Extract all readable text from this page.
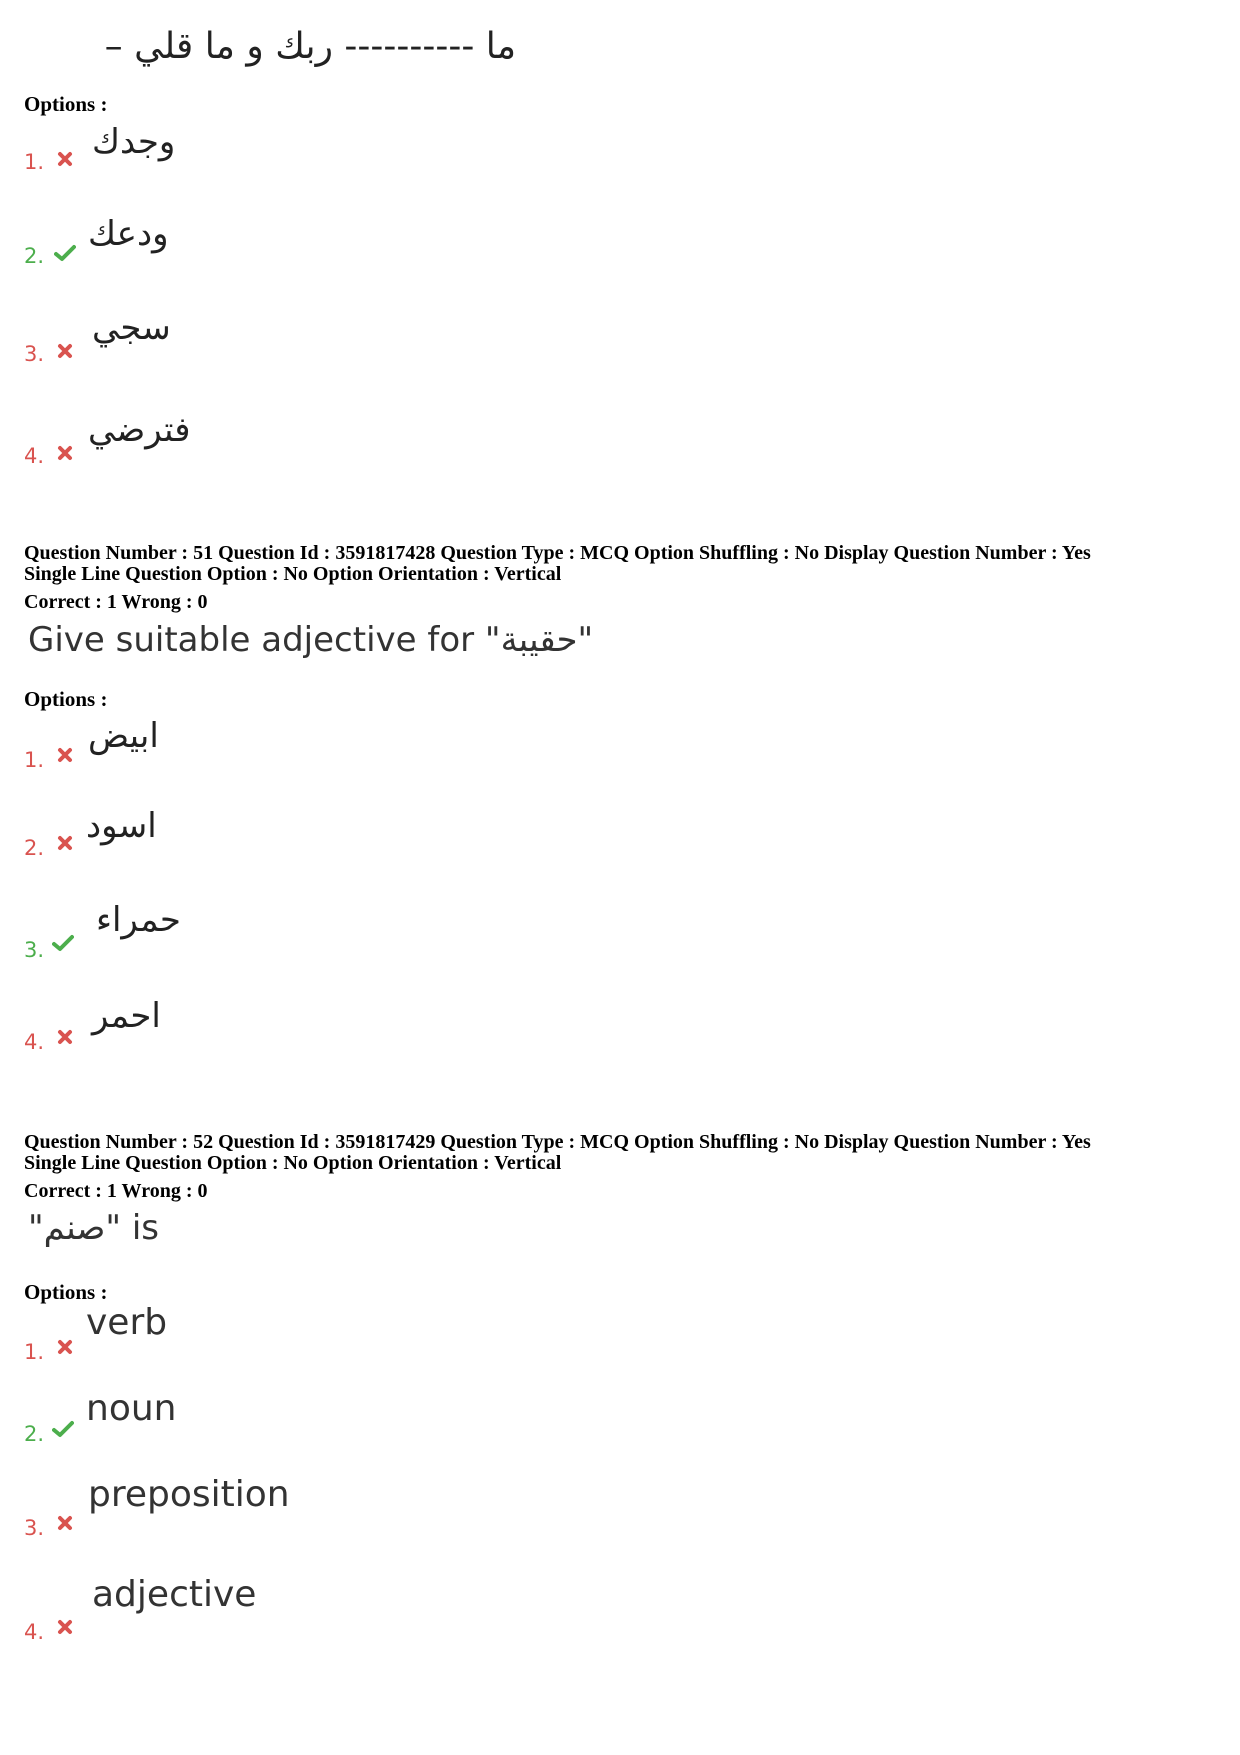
ما ---------- ربك و ما قلي –
Options :
1. وجدك
2.
ودعك
3.
سجي
4.
فترضي
Question Number : 51 Question Id : 3591817428 Question Type : MCQ Option Shuffling : No Display Question Number : Yes
Single Line Question Option : No Option Orientation : Vertical
Correct : 1 Wrong : 0
Give suitable adjective for "حقيبة"
Options :
1.
ابيض
2.
اسود
3.
حمراء
4.
احمر
Question Number : 52 Question Id : 3591817429 Question Type : MCQ Option Shuffling : No Display Question Number : Yes
Single Line Question Option : No Option Orientation : Vertical
Correct : 1 Wrong : 0
"صنم" is
Options :
1.
verb
2.
noun
3.
preposition
4.
adjective
